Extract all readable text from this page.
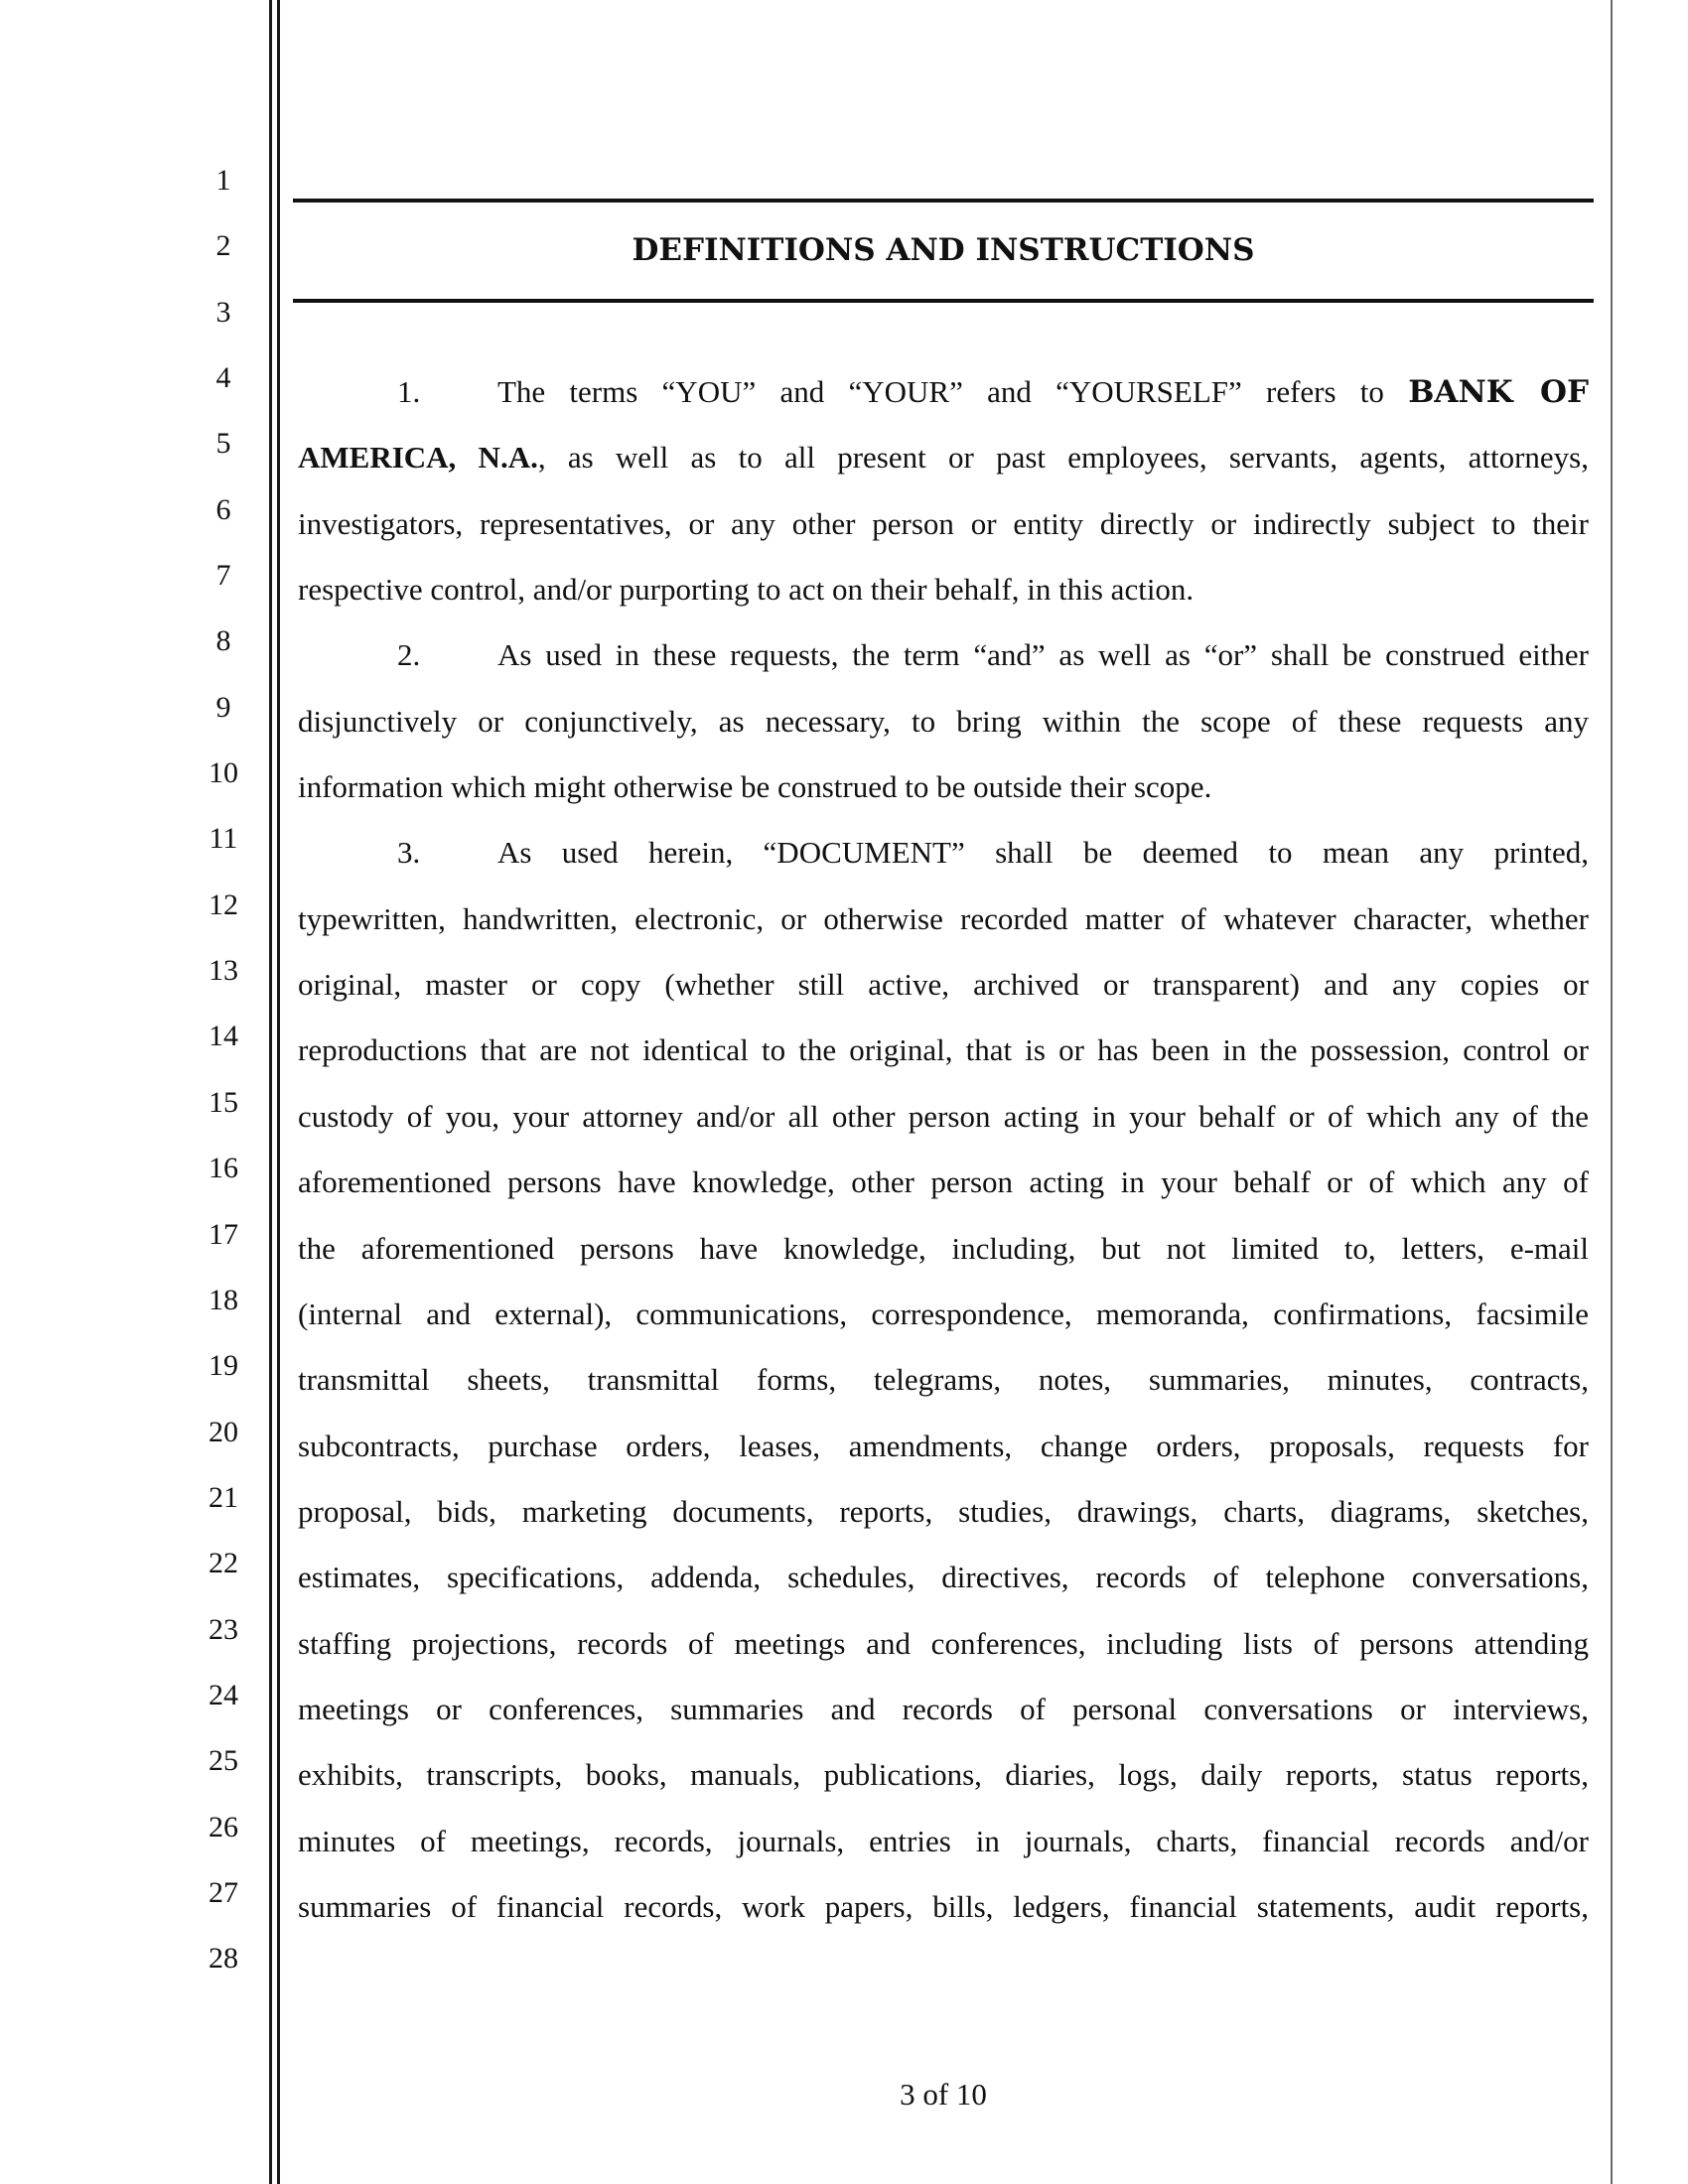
1
2
3
4
5
6
7
8
9
10
11
12
13
14
15
16
17
18
19
20
21
22
23
24
25
26
27
28
DEFINITIONS AND INSTRUCTIONS
1.	The terms “YOU” and “YOUR” and “YOURSELF” refers to BANK OF
AMERICA, N.A., as well as to all present or past employees, servants, agents, attorneys,
investigators, representatives, or any other person or entity directly or indirectly subject to their
respective control, and/or purporting to act on their behalf, in this action.
2.	As used in these requests, the term “and” as well as “or” shall be construed either
disjunctively or conjunctively, as necessary, to bring within the scope of these requests any
information which might otherwise be construed to be outside their scope.
3.	As used herein, “DOCUMENT” shall be deemed to mean any printed,
typewritten, handwritten, electronic, or otherwise recorded matter of whatever character, whether
original, master or copy (whether still active, archived or transparent) and any copies or
reproductions that are not identical to the original, that is or has been in the possession, control or
custody of you, your attorney and/or all other person acting in your behalf or of which any of the
aforementioned persons have knowledge, other person acting in your behalf or of which any of
the aforementioned persons have knowledge, including, but not limited to, letters, e-mail
(internal and external), communications, correspondence, memoranda, confirmations, facsimile
transmittal sheets, transmittal forms, telegrams, notes, summaries, minutes, contracts,
subcontracts, purchase orders, leases, amendments, change orders, proposals, requests for
proposal, bids, marketing documents, reports, studies, drawings, charts, diagrams, sketches,
estimates, specifications, addenda, schedules, directives, records of telephone conversations,
staffing projections, records of meetings and conferences, including lists of persons attending
meetings or conferences, summaries and records of personal conversations or interviews,
exhibits, transcripts, books, manuals, publications, diaries, logs, daily reports, status reports,
minutes of meetings, records, journals, entries in journals, charts, financial records and/or
summaries of financial records, work papers, bills, ledgers, financial statements, audit reports,
3 of 10
